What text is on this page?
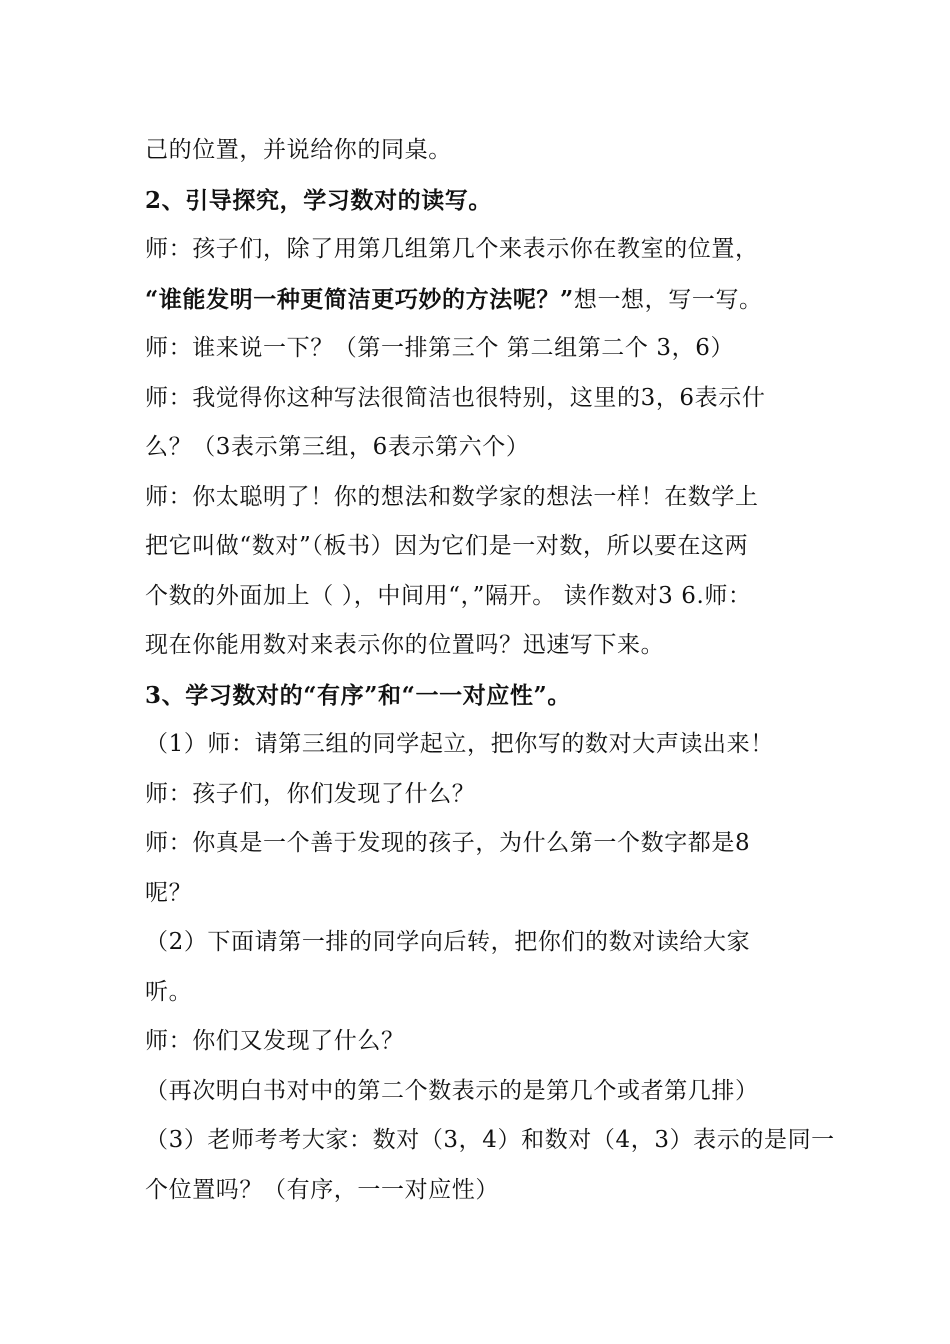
己的位置，并说给你的同桌。
2、引导探究，学习数对的读写。
师：孩子们，除了用第几组第几个来表示你在教室的位置，
“谁能发明一种更简洁更巧妙的方法呢？”想一想，写一写。
师：谁来说一下？（第一排第三个 第二组第二个 3，6）
师：我觉得你这种写法很简洁也很特别，这里的3，6表示什
么？（3表示第三组，6表示第六个）
师：你太聪明了！你的想法和数学家的想法一样！在数学上
把它叫做“数对”（板书）因为它们是一对数，所以要在这两
个数的外面加上（ ），中间用“，”隔开。 读作数对3 6.师：
现在你能用数对来表示你的位置吗？迅速写下来。
3、学习数对的“有序”和“一一对应性”。
（1）师：请第三组的同学起立，把你写的数对大声读出来！
师：孩子们，你们发现了什么？
师：你真是一个善于发现的孩子，为什么第一个数字都是8
呢？
（2）下面请第一排的同学向后转，把你们的数对读给大家
听。
师：你们又发现了什么？
（再次明白书对中的第二个数表示的是第几个或者第几排）
（3）老师考考大家：数对（3，4）和数对（4，3）表示的是同一
个位置吗？（有序，一一对应性）
